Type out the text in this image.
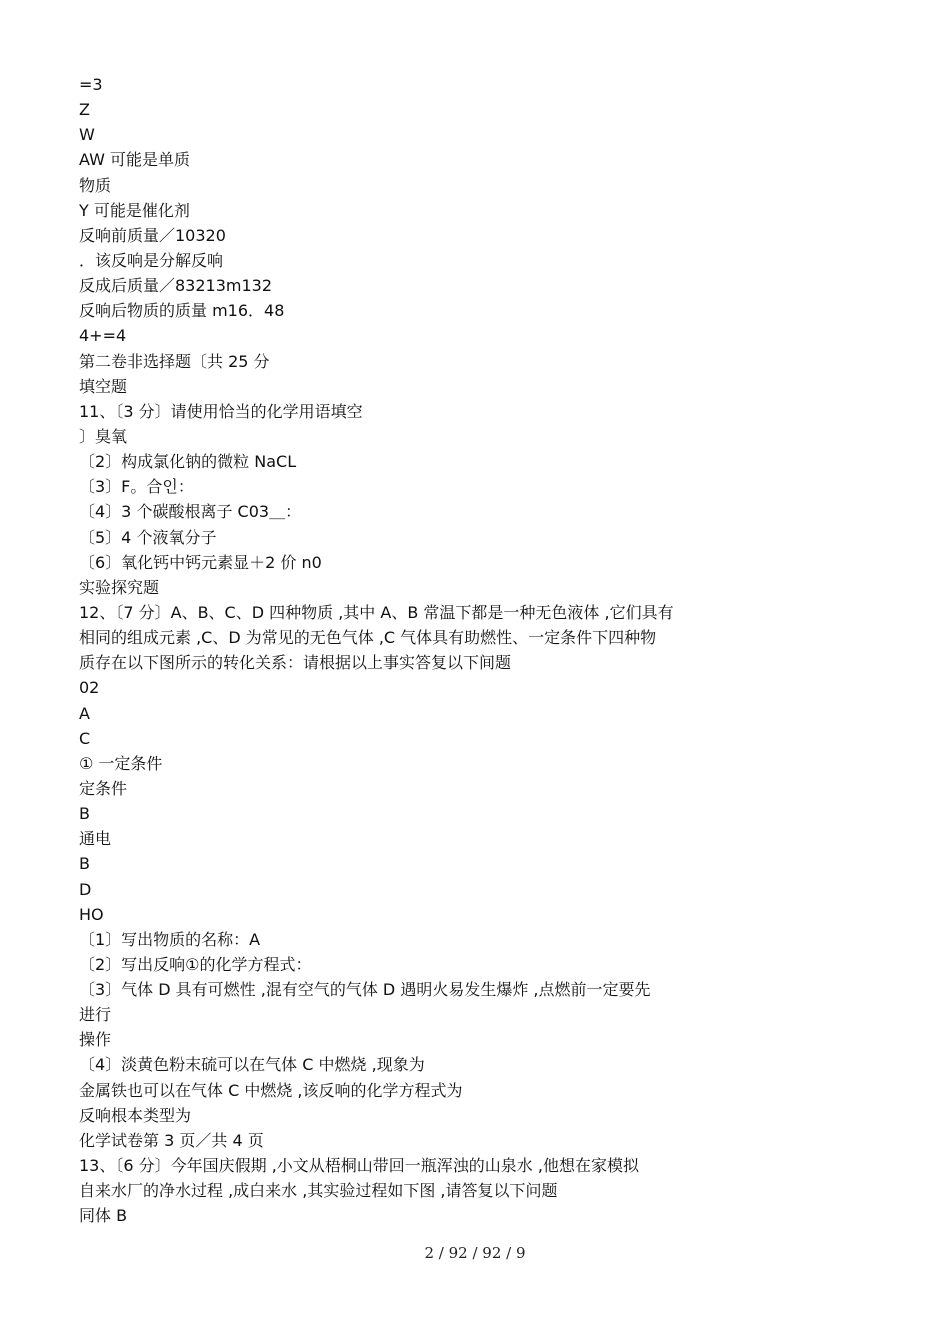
=3
Z
W
AW 可能是单质
物质
Y 可能是催化剂
反响前质量／10320
．该反响是分解反响
反成后质量／83213m132
反响后物质的质量 m16．48
4+=4
第二卷非选择题〔共 25 分
填空题
11、〔3 分〕请使用恰当的化学用语填空
〕臭氧
〔2〕构成氯化钠的微粒 NaCL
〔3〕F。合인：
〔4〕3 个碳酸根离子 C03＿：
〔5〕4 个液氧分子
〔6〕氧化钙中钙元素显＋2 价 n0
实验探究题
12、〔7 分〕A、B、C、D 四种物质 ,其中 A、B 常温下都是一种无色液体 ,它们具有
相同的组成元素 ,C、D 为常见的无色气体 ,C 气体具有助燃性、一定条件下四种物
质存在以下图所示的转化关系：请根据以上事实答复以下间题
02
A
C
① 一定条件
定条件
B
通电
B
D
HO
〔1〕写出物质的名称：A
〔2〕写出反响①的化学方程式：
〔3〕气体 D 具有可燃性 ,混有空气的气体 D 遇明火易发生爆炸 ,点燃前一定要先
进行
操作
〔4〕淡黄色粉末硫可以在气体 C 中燃烧 ,现象为
金属铁也可以在气体 C 中燃烧 ,该反响的化学方程式为
反响根本类型为
化学试卷第 3 页／共 4 页
13、〔6 分〕今年国庆假期 ,小文从梧桐山带回一瓶浑浊的山泉水 ,他想在家模拟
自来水厂的净水过程 ,成白来水 ,其实验过程如下图 ,请答复以下问题
同体 B
2 / 92 / 92 / 9
